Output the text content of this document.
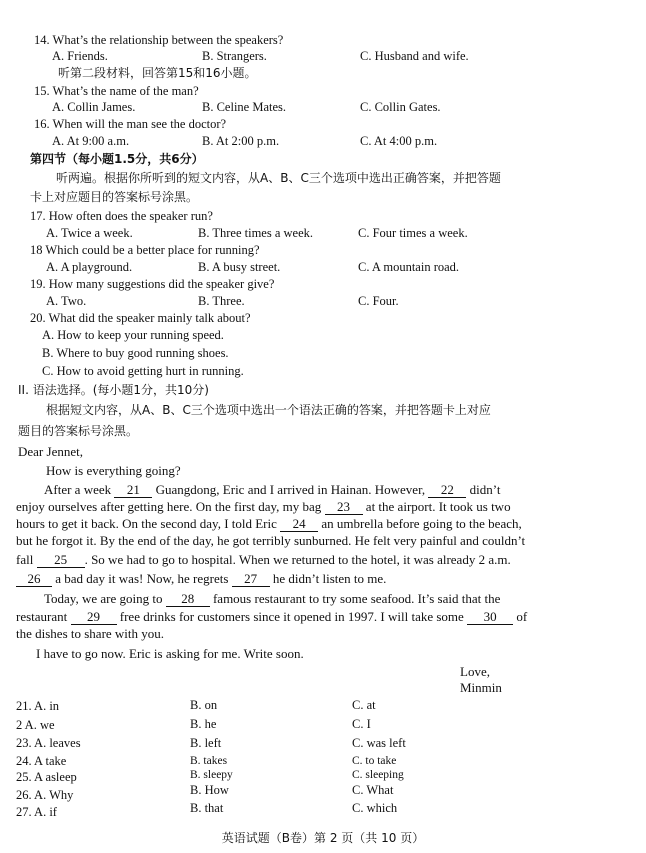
14. What’s the relationship between the speakers?
A. Friends.	B. Strangers.	C. Husband and wife.
听第二段材料，回答第15和16小题。
15. What’s the name of the man?
A. Collin James.	B. Celine Mates.	C. Collin Gates.
16. When will the man see the doctor?
A. At 9:00 a.m.	B. At 2:00 p.m.	C. At 4:00 p.m.
第四节（每小题1.5分，共6分）
听两遍。根据你所听到的短文内容，从A、B、C三个选项中选出正确答案，并把答题
卡上对应题目的答案标号涂黑。
17. How often does the speaker run?
A. Twice a week.	B. Three times a week.	C. Four times a week.
18 Which could be a better place for running?
A. A playground.	B. A busy street.	C. A mountain road.
19. How many suggestions did the speaker give?
A. Two.	B. Three.	C. Four.
20. What did the speaker mainly talk about?
A. How to keep your running speed.
B. Where to buy good running shoes.
C. How to avoid getting hurt in running.
II. 语法选择。(每小题1分，共10分)
根据短文内容，从A、B、C三个选项中选出一个语法正确的答案，并把答题卡上对应
题目的答案标号涂黑。
Dear Jennet,
How is everything going?
After a week 21 Guangdong, Eric and I arrived in Hainan. However, 22 didn’t
enjoy ourselves after getting here. On the first day, my bag 23 at the airport. It took us two
hours to get it back. On the second day, I told Eric 24 an umbrella before going to the beach,
but he forgot it. By the end of the day, he got terribly sunburned. He felt very painful and couldn’t
fall 25 . So we had to go to hospital. When we returned to the hotel, it was already 2 a.m.
26 a bad day it was! Now, he regrets 27 he didn’t listen to me.
Today, we are going to 28 famous restaurant to try some seafood. It’s said that the
restaurant 29 free drinks for customers since it opened in 1997. I will take some 30 of
the dishes to share with you.
I have to go now. Eric is asking for me. Write soon.
Love,
Minmin
21. A. in	B. on	C. at
2 A. we	B. he	C. I
23. A. leaves	B. left	C. was left
24. A take	B. takes	C. to take
25. A asleep	B. sleepy	C. sleeping
26. A. Why	B. How	C. What
27. A. if	B. that	C. which
英语试题（B卷）第 2 页（共 10 页）
